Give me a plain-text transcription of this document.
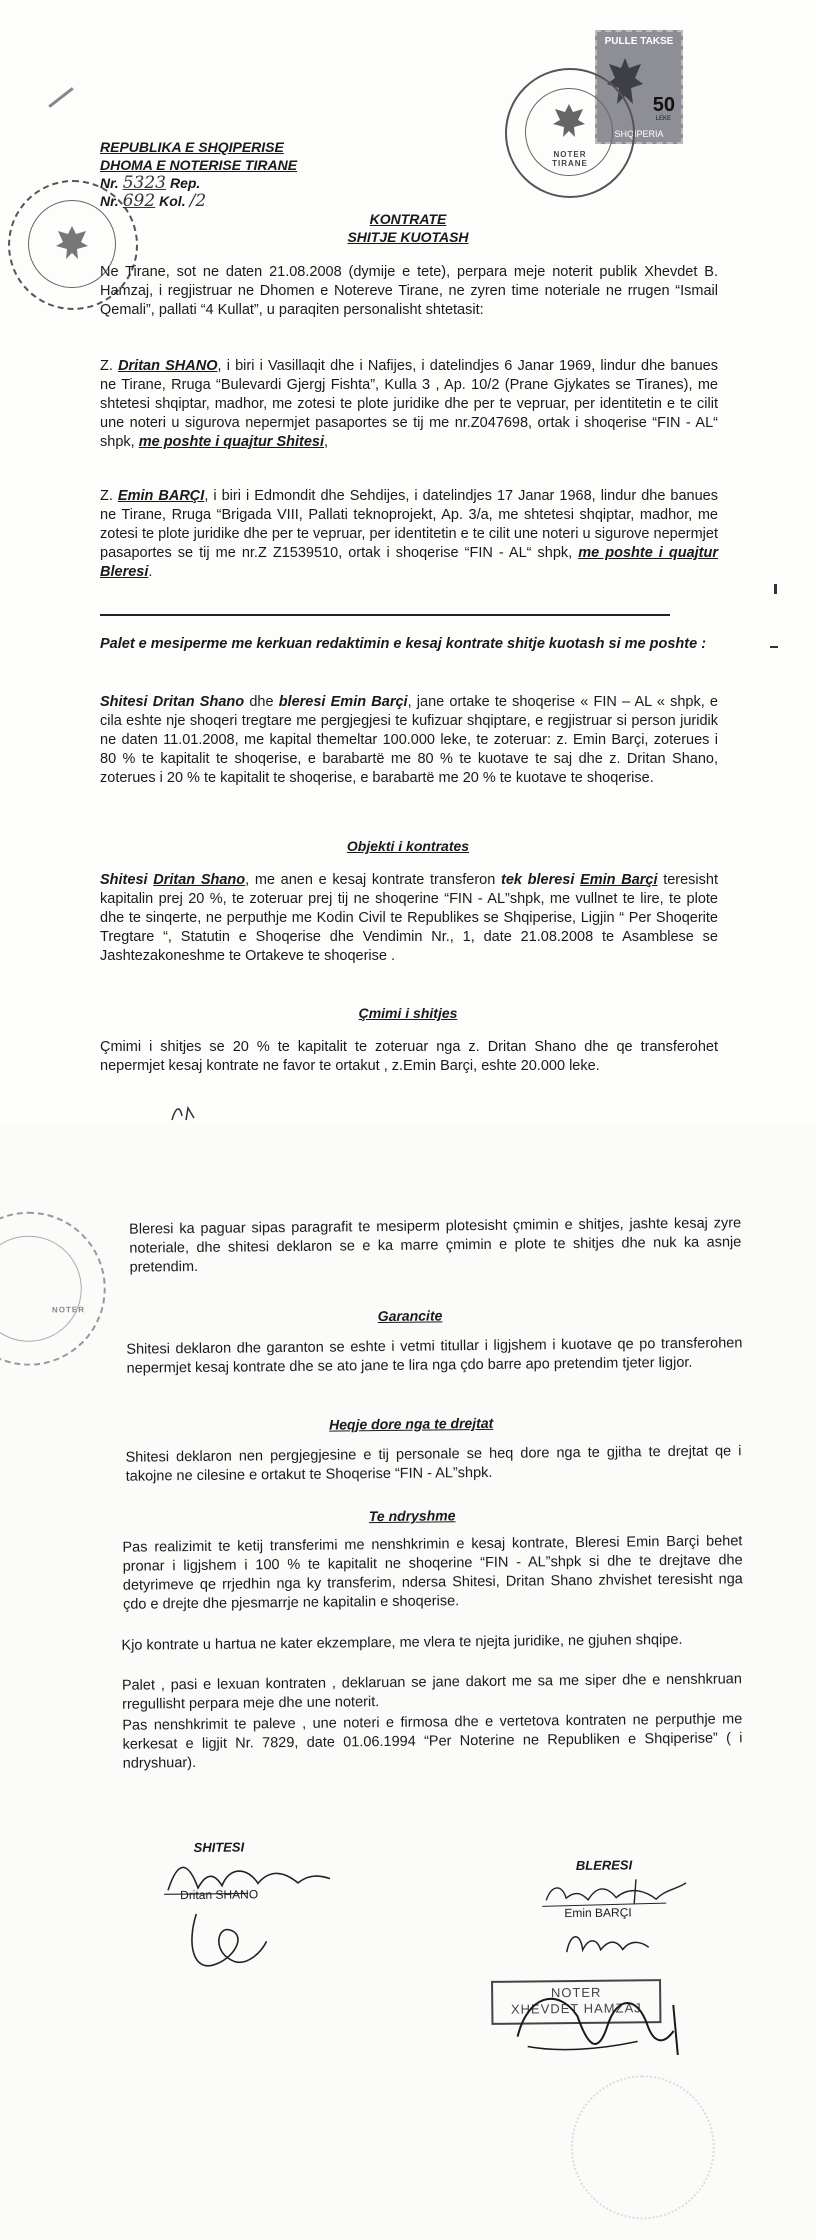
PULLE TAKSE
50
LEKE
SHQIPERIA
NOTER TIRANE
REPUBLIKA E SHQIPERISE
DHOMA E NOTERISE TIRANE
Nr. 5323 Rep.
Nr. 692 Kol. /2
KONTRATE
SHITJE KUOTASH
Ne Tirane, sot ne daten 21.08.2008 (dymije e tete), perpara meje noterit publik Xhevdet B. Hamzaj, i regjistruar ne Dhomen e Notereve Tirane, ne zyren time noteriale ne rrugen “Ismail Qemali”, pallati “4 Kullat”, u paraqiten personalisht shtetasit:
Z. Dritan SHANO, i biri i Vasillaqit dhe i Nafijes, i datelindjes 6 Janar 1969, lindur dhe banues ne Tirane, Rruga “Bulevardi Gjergj Fishta”, Kulla 3 , Ap. 10/2 (Prane Gjykates se Tiranes), me shtetesi shqiptar, madhor, me zotesi te plote juridike dhe per te vepruar, per identitetin e te cilit une noteri u sigurova nepermjet pasaportes se tij me nr.Z047698, ortak i shoqerise “FIN - AL“ shpk, me poshte i quajtur Shitesi,
Z. Emin BARÇI, i biri i Edmondit dhe Sehdijes, i datelindjes 17 Janar 1968, lindur dhe banues ne Tirane, Rruga “Brigada VIII, Pallati teknoprojekt, Ap. 3/a, me shtetesi shqiptar, madhor, me zotesi te plote juridike dhe per te vepruar, per identitetin e te cilit une noteri u sigurove nepermjet pasaportes se tij me nr.Z Z1539510, ortak i shoqerise “FIN - AL“ shpk, me poshte i quajtur Bleresi.
Palet e mesiperme me kerkuan redaktimin e kesaj kontrate shitje kuotash si me poshte :
Shitesi Dritan Shano dhe bleresi Emin Barçi, jane ortake te shoqerise « FIN – AL « shpk, e cila eshte nje shoqeri tregtare me pergjegjesi te kufizuar shqiptare, e regjistruar si person juridik ne daten 11.01.2008, me kapital themeltar 100.000 leke, te zoteruar: z. Emin Barçi, zoterues i 80 % te kapitalit te shoqerise, e barabartë me 80 % te kuotave te saj dhe z. Dritan Shano, zoterues i 20 % te kapitalit te shoqerise, e barabartë me 20 % te kuotave te shoqerise.
Objekti i kontrates
Shitesi Dritan Shano, me anen e kesaj kontrate transferon tek bleresi Emin Barçi teresisht kapitalin prej 20 %, te zoteruar prej tij ne shoqerine “FIN - AL”shpk, me vullnet te lire, te plote dhe te sinqerte, ne perputhje me Kodin Civil te Republikes se Shqiperise, Ligjin “ Per Shoqerite Tregtare “, Statutin e Shoqerise dhe Vendimin Nr., 1, date 21.08.2008 te Asamblese se Jashtezakoneshme te Ortakeve te shoqerise .
Çmimi i shitjes
Çmimi i shitjes se 20 % te kapitalit te zoteruar nga z. Dritan Shano dhe qe transferohet nepermjet kesaj kontrate ne favor te ortakut , z.Emin Barçi, eshte 20.000 leke.
NOTER
Bleresi ka paguar sipas paragrafit te mesiperm plotesisht çmimin e shitjes, jashte kesaj zyre noteriale, dhe shitesi deklaron se e ka marre çmimin e plote te shitjes dhe nuk ka asnje pretendim.
Garancite
Shitesi deklaron dhe garanton se eshte i vetmi titullar i ligjshem i kuotave qe po transferohen nepermjet kesaj kontrate dhe se ato jane te lira nga çdo barre apo pretendim tjeter ligjor.
Heqje dore nga te drejtat
Shitesi deklaron nen pergjegjesine e tij personale se heq dore nga te gjitha te drejtat qe i takojne ne cilesine e ortakut te Shoqerise “FIN - AL”shpk.
Te ndryshme
Pas realizimit te ketij transferimi me nenshkrimin e kesaj kontrate, Bleresi Emin Barçi behet pronar i ligjshem i 100 % te kapitalit ne shoqerine “FIN - AL”shpk si dhe te drejtave dhe detyrimeve qe rrjedhin nga ky transferim, ndersa Shitesi, Dritan Shano zhvishet teresisht nga çdo e drejte dhe pjesmarrje ne kapitalin e shoqerise.
Kjo kontrate u hartua ne kater ekzemplare, me vlera te njejta juridike, ne gjuhen shqipe.
Palet , pasi e lexuan kontraten , deklaruan se jane dakort me sa me siper dhe e nenshkruan rregullisht perpara meje dhe une noterit.
Pas nenshkrimit te paleve , une noteri e firmosa dhe e vertetova kontraten ne perputhje me kerkesat e ligjit Nr. 7829, date 01.06.1994 “Per Noterine ne Republiken e Shqiperise” ( i ndryshuar).
SHITESI
Dritan SHANO
BLERESI
Emin BARÇI
NOTER
XHEVDET HAMZAJ
